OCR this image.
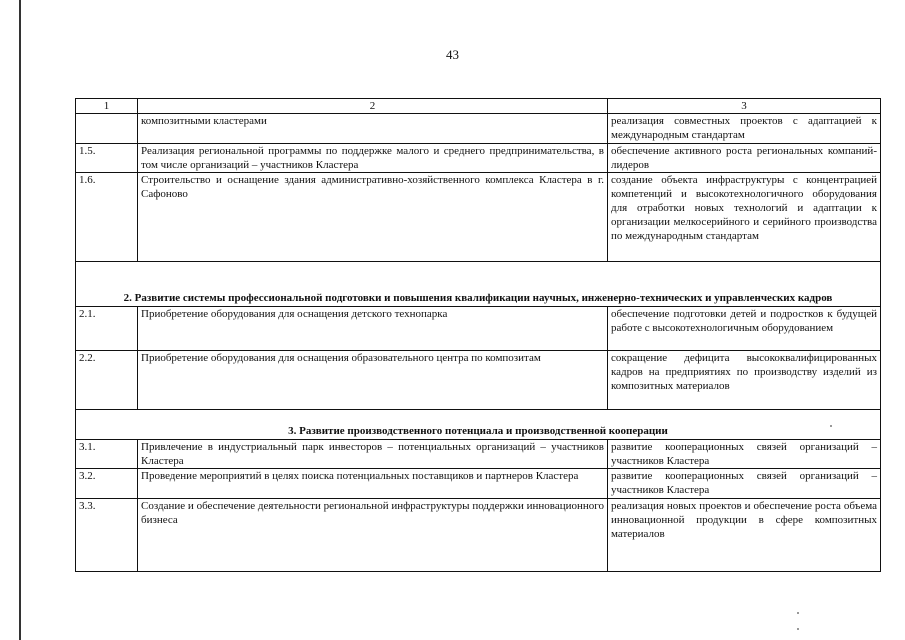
43
1	2	3
	композитными кластерами	реализация совместных проектов с адаптацией к международным стандартам
1.5.	Реализация региональной программы по поддержке малого и среднего предпринимательства, в том числе организаций – участников Кластера	обеспечение активного роста региональных компаний-лидеров
1.6.	Строительство и оснащение здания административно-хозяйственного комплекса Кластера в г. Сафоново	создание объекта инфраструктуры с концентрацией компетенций и высокотехнологичного оборудования для отработки новых технологий и адаптации к организации мелкосерийного и серийного производства по международным стандартам
2. Развитие системы профессиональной подготовки и повышения квалификации научных, инженерно-технических и управленческих кадров		
2.1.	Приобретение оборудования для оснащения детского технопарка	обеспечение подготовки детей и подростков к будущей работе с высокотехнологичным оборудованием
2.2.	Приобретение оборудования для оснащения образовательного центра по композитам	сокращение дефицита высококвалифицированных кадров на предприятиях по производству изделий из композитных материалов
3. Развитие производственного потенциала и производственной кооперации		
3.1.	Привлечение в индустриальный парк инвесторов – потенциальных организаций – участников Кластера	развитие кооперационных связей организаций – участников Кластера
3.2.	Проведение мероприятий в целях поиска потенциальных поставщиков и партнеров Кластера	развитие кооперационных связей организаций – участников Кластера
3.3.	Создание и обеспечение деятельности региональной инфраструктуры поддержки инновационного бизнеса	реализация новых проектов и обеспечение роста объема инновационной продукции в сфере композитных материалов
